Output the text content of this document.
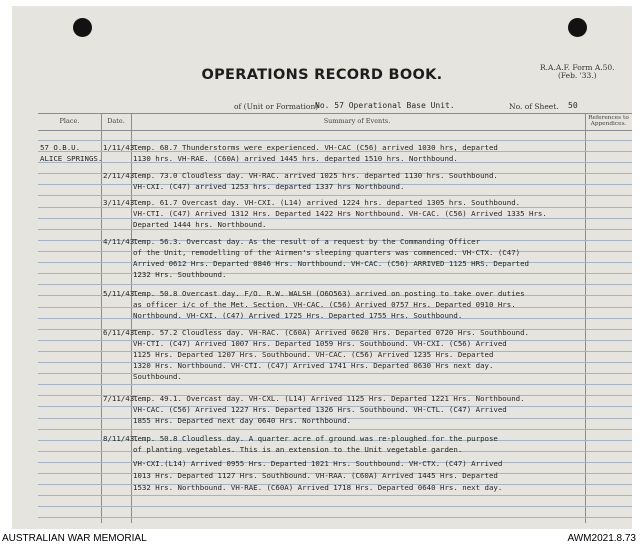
OPERATIONS RECORD BOOK.	R.A.A.F. Form A.50.
(Feb. '33.)
of (Unit or Formation)
No. 57 Operational Base Unit.	No. of Sheet. 50
Place.	Date.	Summary of Events.	References to Appendices.
57 O.B.U.
ALICE SPRINGS.
1/11/43.
Temp. 68.7 Thunderstorms were experienced. VH-CAC (C56) arrived 1030 hrs, departed
1130 hrs. VH-RAE. (C60A) arrived 1445 hrs. departed 1510 hrs. Northbound.
2/11/43.
Temp. 73.0 Cloudless day. VH-RAC. arrived 1025 hrs. departed 1130 hrs. Southbound.
VH-CXI. (C47) arrived 1253 hrs. departed 1337 hrs Northbound.
3/11/43.
Temp. 61.7 Overcast day. VH-CXI. (L14) arrived 1224 hrs. departed 1305 hrs. Southbound.
VH-CTI. (C47) Arrived 1312 Hrs. Departed 1422 Hrs Northbound. VH-CAC. (C56) Arrived 1335 Hrs.
Departed 1444 hrs. Northbound.
4/11/43.
Temp. 56.3. Overcast day. As the result of a request by the Commanding Officer
of the Unit, remodelling of the Airmen's sleeping quarters was commenced. VH-CTX. (C47)
Arrived 0612 Hrs. Departed 0846 Hrs. Northbound. VH-CAC. (C56) ARRIVED 1125 HRS. Departed
1232 Hrs. Southbound.
5/11/43.
Temp. 50.8 Overcast day. F/O. R.W. WALSH (O6O563) arrived on posting to take over duties
as officer i/c of the Met. Section. VH-CAC. (C56) Arrived 0757 Hrs. Departed 0910 Hrs.
Northbound. VH-CXI. (C47) Arrived 1725 Hrs. Departed 1755 Hrs. Southbound.
6/11/43.
Temp. 57.2 Cloudless day. VH-RAC. (C60A) Arrived 0620 Hrs. Departed 0720 Hrs. Southbound.
VH-CTI. (C47) Arrived 1007 Hrs. Departed 1059 Hrs. Southbound. VH-CXI. (C56) Arrived
1125 Hrs. Departed 1207 Hrs. Southbound. VH-CAC. (C56) Arrived 1235 Hrs. Departed
1320 Hrs. Northbound. VH-CTI. (C47) Arrived 1741 Hrs. Departed 0630 Hrs next day.
Southbound.
7/11/43.
Temp. 49.1. Overcast day. VH-CXL. (L14) Arrived 1125 Hrs. Departed 1221 Hrs. Northbound.
VH-CAC. (C56) Arrived 1227 Hrs. Departed 1326 Hrs. Southbound. VH-CTL. (C47) Arrived
1855 Hrs. Departed next day 0640 Hrs. Northbound.
8/11/43.
Temp. 50.8 Cloudless day. A quarter acre of ground was re-ploughed for the purpose
of planting vegetables. This is an extension to the Unit vegetable garden.
VH-CXI.(L14) Arrived 0955 Hrs. Departed 1021 Hrs. Southbound. VH-CTX. (C47) Arrived
1013 Hrs. Departed 1127 Hrs. Southbound. VH-RAA. (C60A) Arrived 1445 Hrs. Departed
1532 Hrs. Northbound. VH-RAE. (C60A) Arrived 1718 Hrs. Departed 0640 Hrs. next day.
AUSTRALIAN WAR MEMORIAL	AWM2021.8.73
